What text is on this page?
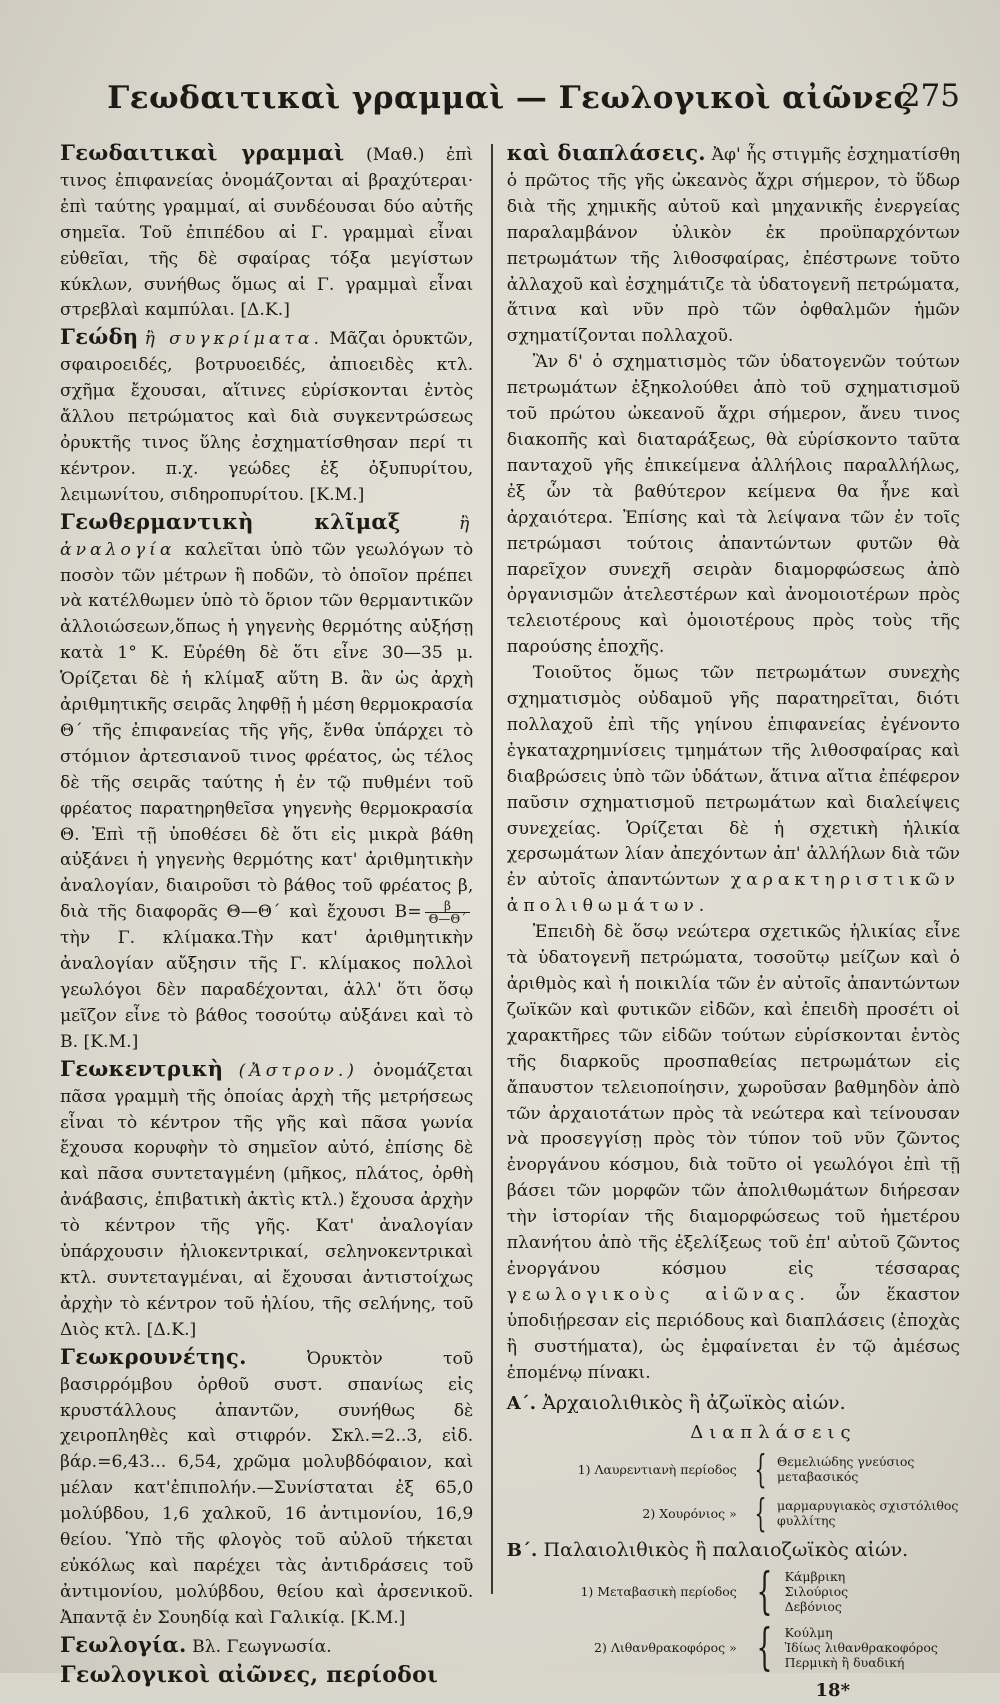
Γεωδαιτικαὶ γραμμαὶ — Γεωλογικοὶ αἰῶνες
275

Γεωδαιτικαὶ γραμμαὶ (Μαθ.) ἐπὶ τινος ἐπιφανείας ὀνομάζονται αἱ βραχύτεραι· ἐπὶ ταύτης γραμμαί, αἱ συνδέουσαι δύο αὐτῆς σημεῖα. Τοῦ ἐπιπέδου αἱ Γ. γραμμαὶ εἶναι εὐθεῖαι, τῆς δὲ σφαίρας τόξα μεγίστων κύκλων, συνήθως ὅμως αἱ Γ. γραμμαὶ εἶναι στρεβλαὶ καμπύλαι. [Δ.Κ.]

Γεώδη ἢ συγκρίματα. Μᾶζαι ὀρυκτῶν, σφαιροειδές, βοτρυοειδές, ἀπιοειδὲς κτλ. σχῆμα ἔχουσαι, αἵτινες εὑρίσκονται ἐντὸς ἄλλου πετρώματος καὶ διὰ συγκεντρώσεως ὀρυκτῆς τινος ὕλης ἐσχηματίσθησαν περί τι κέντρον. π.χ. γεώδες ἐξ ὀξυπυρίτου, λειμωνίτου, σιδηροπυρίτου. [Κ.Μ.]

Γεωθερμαντικὴ κλῖμαξ	ἢ ἀναλογία καλεῖται ὑπὸ τῶν γεωλόγων τὸ ποσὸν τῶν μέτρων ἢ ποδῶν, τὸ ὁποῖον πρέπει νὰ κατέλθωμεν ὑπὸ τὸ ὅριον τῶν θερμαντικῶν ἀλλοιώσεων,ὅπως ἡ γηγενὴς θερμότης αὐξήσῃ κατὰ 1° Κ. Εὑρέθη δὲ ὅτι εἶνε 30—35 μ. Ὁρίζεται δὲ ἡ κλίμαξ αὕτη Β. ἂν ὡς ἀρχὴ ἀριθμητικῆς σειρᾶς ληφθῇ ἡ μέση θερμοκρασία Θ΄ τῆς ἐπιφανείας τῆς γῆς, ἔνθα ὑπάρχει τὸ στόμιον ἀρτεσιανοῦ τινος φρέατος, ὡς τέλος δὲ τῆς σειρᾶς ταύτης ἡ ἐν τῷ πυθμένι τοῦ φρέατος παρατηρηθεῖσα γηγενὴς θερμοκρασία Θ. Ἐπὶ τῇ ὑποθέσει δὲ ὅτι εἰς μικρὰ βάθη αὐξάνει ἡ γηγενὴς θερμότης κατ' ἀριθμητικὴν ἀναλογίαν, διαιροῦσι τὸ βάθος τοῦ φρέατος β, διὰ τῆς διαφορᾶς Θ—Θ΄ καὶ ἔχουσι $B= \frac{\beta}{\Theta—\Theta΄}$
τὴν Γ. κλίμακα.Τὴν κατ' ἀριθμητικὴν ἀναλογίαν αὔξησιν τῆς Γ. κλίμακος πολλοὶ γεωλόγοι δὲν παραδέχονται, ἀλλ' ὅτι ὅσῳ μεῖζον εἶνε τὸ βάθος τοσούτῳ αὐξάνει καὶ τὸ Β. [Κ.Μ.]

Γεωκεντρικὴ (Ἀστρον.) ὀνομάζεται πᾶσα γραμμὴ τῆς ὁποίας ἀρχὴ τῆς μετρήσεως εἶναι τὸ κέντρον τῆς γῆς καὶ πᾶσα γωνία ἔχουσα κορυφὴν τὸ σημεῖον αὐτό, ἐπίσης δὲ καὶ πᾶσα συντεταγμένη (μῆκος, πλάτος, ὀρθὴ ἀνάβασις, ἐπιβατικὴ ἀκτὶς κτλ.) ἔχουσα ἀρχὴν τὸ κέντρον τῆς γῆς. Κατ' ἀναλογίαν ὑπάρχουσιν ἡλιοκεντρικαί, σεληνοκεντρικαὶ κτλ. συντεταγμέναι, αἱ ἔχουσαι ἀντιστοίχως ἀρχὴν τὸ κέντρον τοῦ ἡλίου, τῆς σελήνης, τοῦ Διὸς κτλ. [Δ.Κ.]

Γεωκρουνέτης.	Ὀρυκτὸν τοῦ βασιρρόμβου ὀρθοῦ συστ. σπανίως εἰς κρυστάλλους ἀπαντῶν, συνήθως δὲ χειροπληθὲς καὶ στιφρόν. Σκλ.=2..3, εἰδ. βάρ.=6,43... 6,54, χρῶμα μολυβδόφαιον, καὶ μέλαν κατ'ἐπιπολήν.—Συνίσταται ἐξ 65,0 μολύβδου, 1,6 χαλκοῦ, 16 ἀντιμονίου, 16,9 θείου. Ὑπὸ τῆς φλογὸς τοῦ αὐλοῦ τήκεται εὐκόλως καὶ παρέχει τὰς ἀντιδράσεις τοῦ ἀντιμονίου, μολύβδου, θείου καὶ ἀρσενικοῦ. Ἀπαντᾷ ἐν Σουηδίᾳ καὶ Γαλικίᾳ. [Κ.Μ.]

Γεωλογία. Βλ. Γεωγνωσία.

Γεωλογικοὶ αἰῶνες, περίοδοι

καὶ διαπλάσεις. Ἀφ' ἧς στιγμῆς ἐσχηματίσθη ὁ πρῶτος τῆς γῆς ὠκεανὸς ἄχρι σήμερον, τὸ ὕδωρ διὰ τῆς χημικῆς αὐτοῦ καὶ μηχανικῆς ἐνεργείας παραλαμβάνον ὑλικὸν ἐκ προϋπαρχόντων πετρωμάτων τῆς λιθοσφαίρας, ἐπέστρωνε τοῦτο ἀλλαχοῦ καὶ ἐσχημάτιζε τὰ ὑδατογενῆ πετρώματα, ἅτινα καὶ νῦν πρὸ τῶν ὀφθαλμῶν ἡμῶν σχηματίζονται πολλαχοῦ.

Ἂν δ' ὁ σχηματισμὸς τῶν ὑδατογενῶν τούτων πετρωμάτων ἐξηκολούθει ἀπὸ τοῦ σχηματισμοῦ τοῦ πρώτου ὠκεανοῦ ἄχρι σήμερον, ἄνευ τινος διακοπῆς καὶ διαταράξεως, θὰ εὑρίσκοντο ταῦτα πανταχοῦ γῆς ἐπικείμενα ἀλλήλοις παραλλήλως, ἐξ ὧν τὰ βαθύτερον κείμενα θα ἦνε καὶ ἀρχαιότερα. Ἐπίσης καὶ τὰ λείψανα τῶν ἐν τοῖς πετρώμασι τούτοις ἀπαντώντων φυτῶν θὰ παρεῖχον συνεχῆ σειρὰν διαμορφώσεως ἀπὸ ὀργανισμῶν ἀτελεστέρων καὶ ἀνομοιοτέρων πρὸς τελειοτέρους καὶ ὁμοιοτέρους πρὸς τοὺς τῆς παρούσης ἐποχῆς.

Τοιοῦτος ὅμως τῶν πετρωμάτων συνεχὴς σχηματισμὸς οὐδαμοῦ γῆς παρατηρεῖται, διότι πολλαχοῦ ἐπὶ τῆς γηίνου ἐπιφανείας ἐγένοντο ἐγκαταχρημνίσεις τμημάτων τῆς λιθοσφαίρας καὶ διαβρώσεις ὑπὸ τῶν ὑδάτων, ἅτινα αἴτια ἐπέφερον παῦσιν σχηματισμοῦ πετρωμάτων καὶ διαλείψεις συνεχείας. Ὁρίζεται δὲ ἡ σχετικὴ ἡλικία χερσωμάτων λίαν ἀπεχόντων ἀπ' ἀλλήλων διὰ τῶν ἐν αὐτοῖς ἀπαντώντων χαρακτηριστικῶν ἀπολιθωμάτων.

Ἐπειδὴ δὲ ὅσῳ νεώτερα σχετικῶς ἡλικίας εἶνε τὰ ὑδατογενῆ πετρώματα, τοσοῦτῳ μείζων καὶ ὁ ἀριθμὸς καὶ ἡ ποικιλία τῶν ἐν αὐτοῖς ἀπαντώντων ζωϊκῶν καὶ φυτικῶν εἰδῶν, καὶ ἐπειδὴ προσέτι οἱ χαρακτῆρες τῶν εἰδῶν τούτων εὑρίσκονται ἐντὸς τῆς διαρκοῦς προσπαθείας πετρωμάτων εἰς ἄπαυστον τελειοποίησιν, χωροῦσαν βαθμηδὸν ἀπὸ τῶν ἀρχαιοτάτων πρὸς τὰ νεώτερα καὶ τείνουσαν νὰ προσεγγίσῃ πρὸς τὸν τύπον τοῦ νῦν ζῶντος ἐνοργάνου κόσμου, διὰ τοῦτο οἱ γεωλόγοι ἐπὶ τῇ βάσει τῶν μορφῶν τῶν ἀπολιθωμάτων διήρεσαν τὴν ἱστορίαν τῆς διαμορφώσεως τοῦ ἡμετέρου πλανήτου ἀπὸ τῆς ἐξελίξεως τοῦ ἐπ' αὐτοῦ ζῶντος ἐνοργάνου κόσμου εἰς τέσσαρας γεωλογικοὺς αἰῶνας. ὧν ἕκαστον ὑποδιῄρεσαν εἰς περιόδους καὶ διαπλάσεις (ἐποχὰς ἢ συστήματα), ὡς ἐμφαίνεται ἐν τῷ ἀμέσως ἑπομένῳ πίνακι.

Α΄. Ἀρχαιολιθικὸς ἢ ἀζωϊκὸς αἰών.
Διαπλάσεις
1) Λαυρεντιανὴ περίοδος { Θεμελιώδης γνεύσιος
μεταβασικός
2) Χουρόνιος » { μαρμαρυγιακὸς σχιστόλιθος
φυλλίτης
Β΄. Παλαιολιθικὸς ἢ παλαιοζωϊκὸς αἰών.
1) Μεταβασικὴ περίοδος { Κάμβρικη
Σιλούριος
Δεβόνιος
2) Λιθανθρακοφόρος » { Κούλμη
Ἰδίως λιθανθρακοφόρος
Περμικὴ ἢ δυαδική
18*
